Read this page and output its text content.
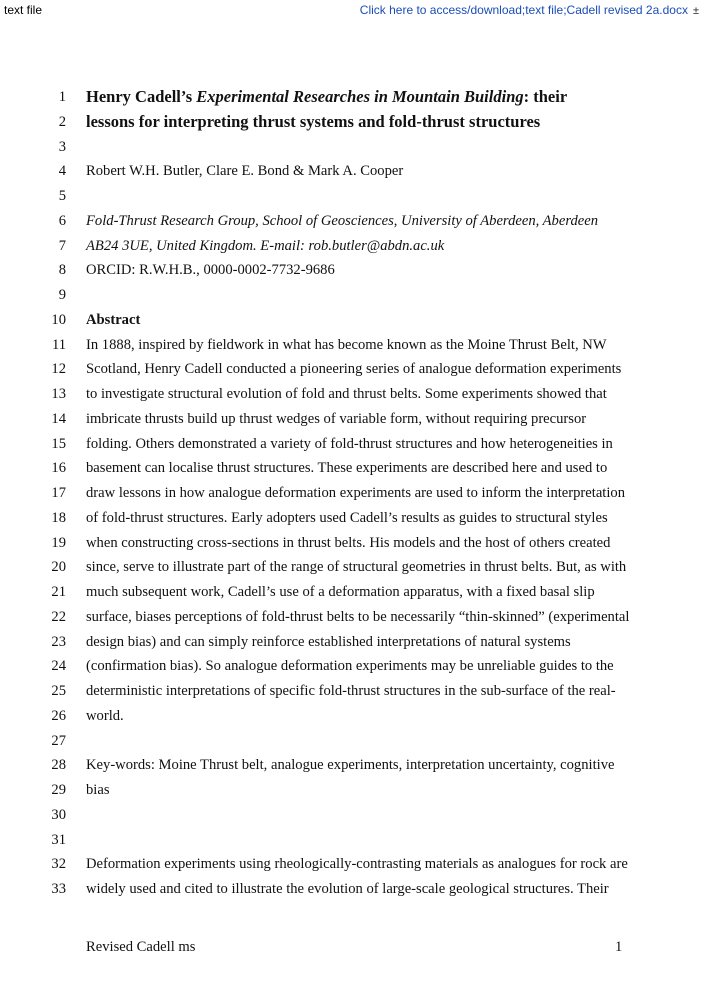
text file	Click here to access/download;text file;Cadell revised 2a.docx ±
1 Henry Cadell’s Experimental Researches in Mountain Building: their
2 lessons for interpreting thrust systems and fold-thrust structures
3
4 Robert W.H. Butler, Clare E. Bond & Mark A. Cooper
5
6 Fold-Thrust Research Group, School of Geosciences, University of Aberdeen, Aberdeen
7 AB24 3UE, United Kingdom. E-mail: rob.butler@abdn.ac.uk
8 ORCID: R.W.H.B., 0000-0002-7732-9686
9
10 Abstract
11 In 1888, inspired by fieldwork in what has become known as the Moine Thrust Belt, NW
12 Scotland, Henry Cadell conducted a pioneering series of analogue deformation experiments
13 to investigate structural evolution of fold and thrust belts. Some experiments showed that
14 imbricate thrusts build up thrust wedges of variable form, without requiring precursor
15 folding. Others demonstrated a variety of fold-thrust structures and how heterogeneities in
16 basement can localise thrust structures. These experiments are described here and used to
17 draw lessons in how analogue deformation experiments are used to inform the interpretation
18 of fold-thrust structures. Early adopters used Cadell’s results as guides to structural styles
19 when constructing cross-sections in thrust belts. His models and the host of others created
20 since, serve to illustrate part of the range of structural geometries in thrust belts. But, as with
21 much subsequent work, Cadell’s use of a deformation apparatus, with a fixed basal slip
22 surface, biases perceptions of fold-thrust belts to be necessarily “thin-skinned” (experimental
23 design bias) and can simply reinforce established interpretations of natural systems
24 (confirmation bias). So analogue deformation experiments may be unreliable guides to the
25 deterministic interpretations of specific fold-thrust structures in the sub-surface of the real-
26 world.
27
28 Key-words: Moine Thrust belt, analogue experiments, interpretation uncertainty, cognitive
29 bias
30
31
32 Deformation experiments using rheologically-contrasting materials as analogues for rock are
33 widely used and cited to illustrate the evolution of large-scale geological structures. Their
Revised Cadell ms	1
